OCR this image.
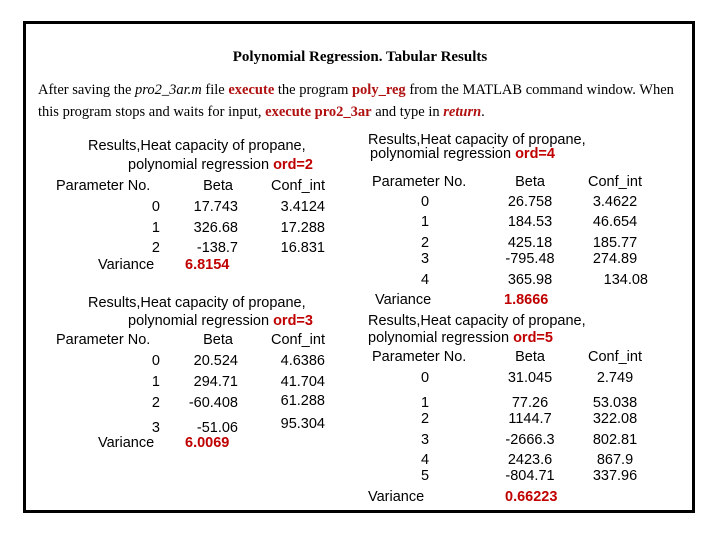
Polynomial Regression. Tabular Results
After saving the pro2_3ar.m file execute the program poly_reg from the MATLAB command window. When this program stops and waits for input, execute pro2_3ar and type in return.
Results,Heat capacity of propane,
polynomial regression ord=2
Parameter No.	Beta	Conf_int
0	17.743	3.4124
1	326.68	17.288
2	-138.7	16.831
Variance 6.8154
Results,Heat capacity of propane,
polynomial regression ord=3
Parameter No.	Beta	Conf_int
0	20.524	4.6386
1	294.71	41.704
2	-60.408	61.288
3	-51.06	95.304
Variance 6.0069
Results,Heat capacity of propane,
polynomial regression ord=4
Parameter No.	Beta	Conf_int
0	26.758	3.4622
1	184.53	46.654
2	425.18	185.77
3	-795.48	274.89
4	365.98	134.08
Variance	1.8666
Results,Heat capacity of propane,
polynomial regression ord=5
Parameter No.	Beta	Conf_int
0	31.045	2.749
1	77.26	53.038
2	1144.7	322.08
3	-2666.3	802.81
4	2423.6	867.9
5	-804.71	337.96
Variance	0.66223
